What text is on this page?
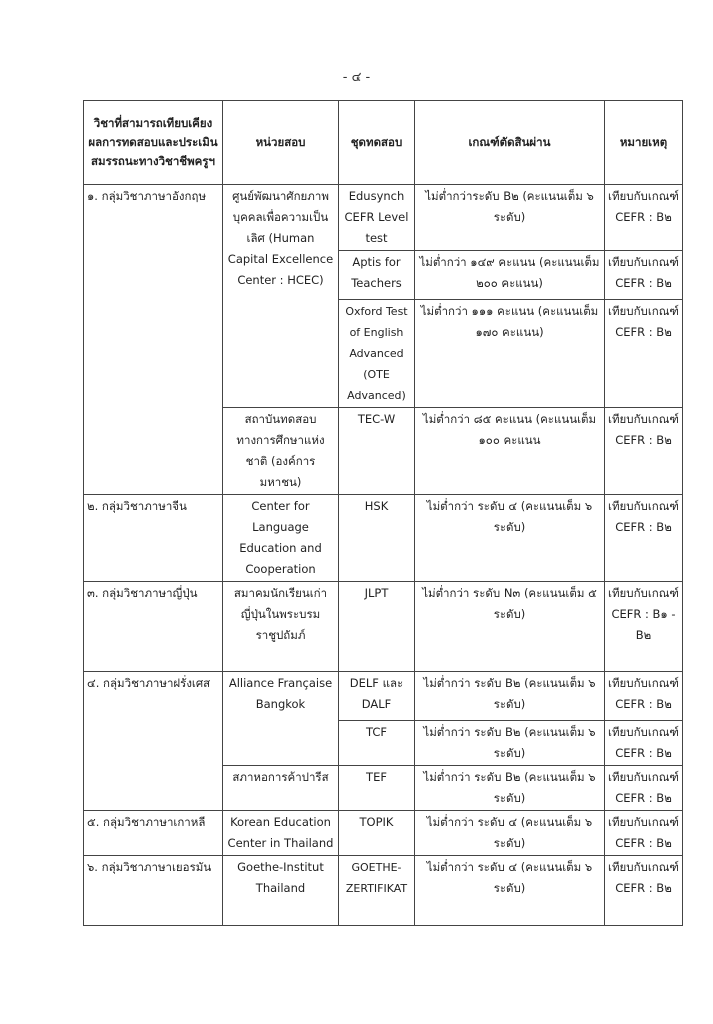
- ๔ -
วิชาที่สามารถเทียบเคียงผลการทดสอบและประเมินสมรรถนะทางวิชาชีพครูฯ	หน่วยสอบ	ชุดทดสอบ	เกณฑ์ตัดสินผ่าน	หมายเหตุ
๑. กลุ่มวิชาภาษาอังกฤษ	ศูนย์พัฒนาศักยภาพบุคคลเพื่อความเป็นเลิศ (Human Capital Excellence Center : HCEC)	Edusynch CEFR Level test	ไม่ต่ำกว่าระดับ B๒ (คะแนนเต็ม ๖ ระดับ)	เทียบกับเกณฑ์ CEFR : B๒
		Aptis for Teachers	ไม่ต่ำกว่า ๑๔๙ คะแนน (คะแนนเต็ม ๒๐๐ คะแนน)	เทียบกับเกณฑ์ CEFR : B๒
		Oxford Test of English Advanced (OTE Advanced)	ไม่ต่ำกว่า ๑๑๑ คะแนน (คะแนนเต็ม ๑๗๐ คะแนน)	เทียบกับเกณฑ์ CEFR : B๒
	สถาบันทดสอบทางการศึกษาแห่งชาติ (องค์การมหาชน)	TEC-W	ไม่ต่ำกว่า ๘๕ คะแนน (คะแนนเต็ม ๑๐๐ คะแนน	เทียบกับเกณฑ์ CEFR : B๒
๒. กลุ่มวิชาภาษาจีน	Center for Language Education and Cooperation	HSK	ไม่ต่ำกว่า ระดับ ๔ (คะแนนเต็ม ๖ ระดับ)	เทียบกับเกณฑ์ CEFR : B๒
๓. กลุ่มวิชาภาษาญี่ปุ่น	สมาคมนักเรียนเก่าญี่ปุ่นในพระบรมราชูปถัมภ์	JLPT	ไม่ต่ำกว่า ระดับ N๓ (คะแนนเต็ม ๕ ระดับ)	เทียบกับเกณฑ์ CEFR : B๑ - B๒
๔. กลุ่มวิชาภาษาฝรั่งเศส	Alliance Française Bangkok	DELF และ DALF	ไม่ต่ำกว่า ระดับ B๒ (คะแนนเต็ม ๖ ระดับ)	เทียบกับเกณฑ์ CEFR : B๒
		TCF	ไม่ต่ำกว่า ระดับ B๒ (คะแนนเต็ม ๖ ระดับ)	เทียบกับเกณฑ์ CEFR : B๒
	สภาหอการค้าปารีส	TEF	ไม่ต่ำกว่า ระดับ B๒ (คะแนนเต็ม ๖ ระดับ)	เทียบกับเกณฑ์ CEFR : B๒
๕. กลุ่มวิชาภาษาเกาหลี	Korean Education Center in Thailand	TOPIK	ไม่ต่ำกว่า ระดับ ๔ (คะแนนเต็ม ๖ ระดับ)	เทียบกับเกณฑ์ CEFR : B๒
๖. กลุ่มวิชาภาษาเยอรมัน	Goethe-Institut Thailand	GOETHE-ZERTIFIKAT	ไม่ต่ำกว่า ระดับ ๔ (คะแนนเต็ม ๖ ระดับ)	เทียบกับเกณฑ์ CEFR : B๒
